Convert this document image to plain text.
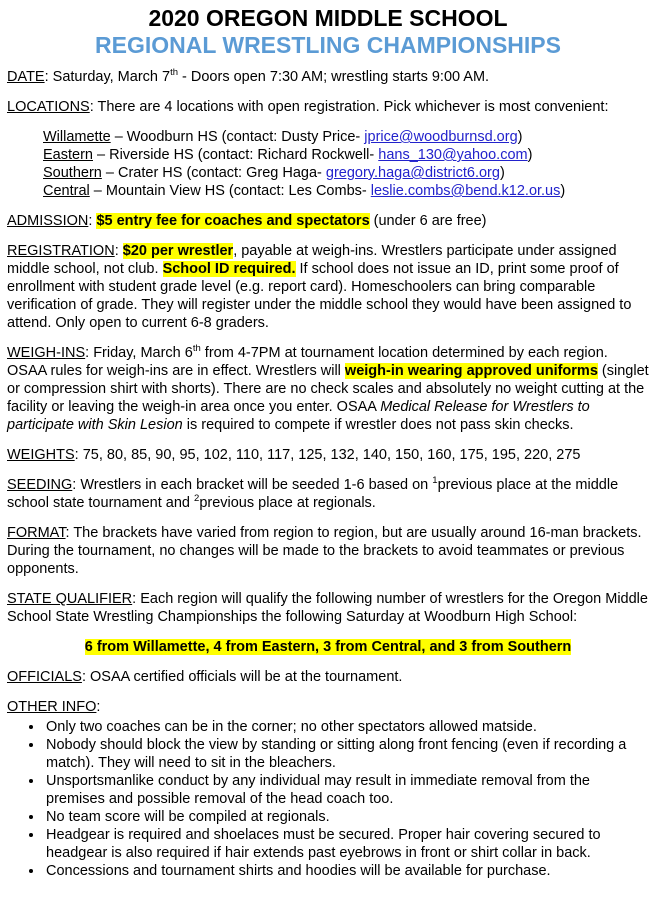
2020 OREGON MIDDLE SCHOOL
REGIONAL WRESTLING CHAMPIONSHIPS
DATE: Saturday, March 7th - Doors open 7:30 AM; wrestling starts 9:00 AM.
LOCATIONS: There are 4 locations with open registration. Pick whichever is most convenient:
Willamette – Woodburn HS (contact: Dusty Price- jprice@woodburnsd.org)
Eastern – Riverside HS (contact: Richard Rockwell- hans_130@yahoo.com)
Southern – Crater HS (contact: Greg Haga- gregory.haga@district6.org)
Central – Mountain View HS (contact: Les Combs- leslie.combs@bend.k12.or.us)
ADMISSION: $5 entry fee for coaches and spectators (under 6 are free)
REGISTRATION: $20 per wrestler, payable at weigh-ins. Wrestlers participate under assigned middle school, not club. School ID required. If school does not issue an ID, print some proof of enrollment with student grade level (e.g. report card). Homeschoolers can bring comparable verification of grade. They will register under the middle school they would have been assigned to attend. Only open to current 6-8 graders.
WEIGH-INS: Friday, March 6th from 4-7PM at tournament location determined by each region. OSAA rules for weigh-ins are in effect. Wrestlers will weigh-in wearing approved uniforms (singlet or compression shirt with shorts). There are no check scales and absolutely no weight cutting at the facility or leaving the weigh-in area once you enter. OSAA Medical Release for Wrestlers to participate with Skin Lesion is required to compete if wrestler does not pass skin checks.
WEIGHTS: 75, 80, 85, 90, 95, 102, 110, 117, 125, 132, 140, 150, 160, 175, 195, 220, 275
SEEDING: Wrestlers in each bracket will be seeded 1-6 based on $^1$previous place at the middle school state tournament and $^2$previous place at regionals.
FORMAT: The brackets have varied from region to region, but are usually around 16-man brackets. During the tournament, no changes will be made to the brackets to avoid teammates or previous opponents.
STATE QUALIFIER: Each region will qualify the following number of wrestlers for the Oregon Middle School State Wrestling Championships the following Saturday at Woodburn High School:
6 from Willamette, 4 from Eastern, 3 from Central, and 3 from Southern
OFFICIALS: OSAA certified officials will be at the tournament.
OTHER INFO:
• Only two coaches can be in the corner; no other spectators allowed matside.
• Nobody should block the view by standing or sitting along front fencing (even if recording a match). They will need to sit in the bleachers.
• Unsportsmanlike conduct by any individual may result in immediate removal from the premises and possible removal of the head coach too.
• No team score will be compiled at regionals.
• Headgear is required and shoelaces must be secured. Proper hair covering secured to headgear is also required if hair extends past eyebrows in front or shirt collar in back.
• Concessions and tournament shirts and hoodies will be available for purchase.
